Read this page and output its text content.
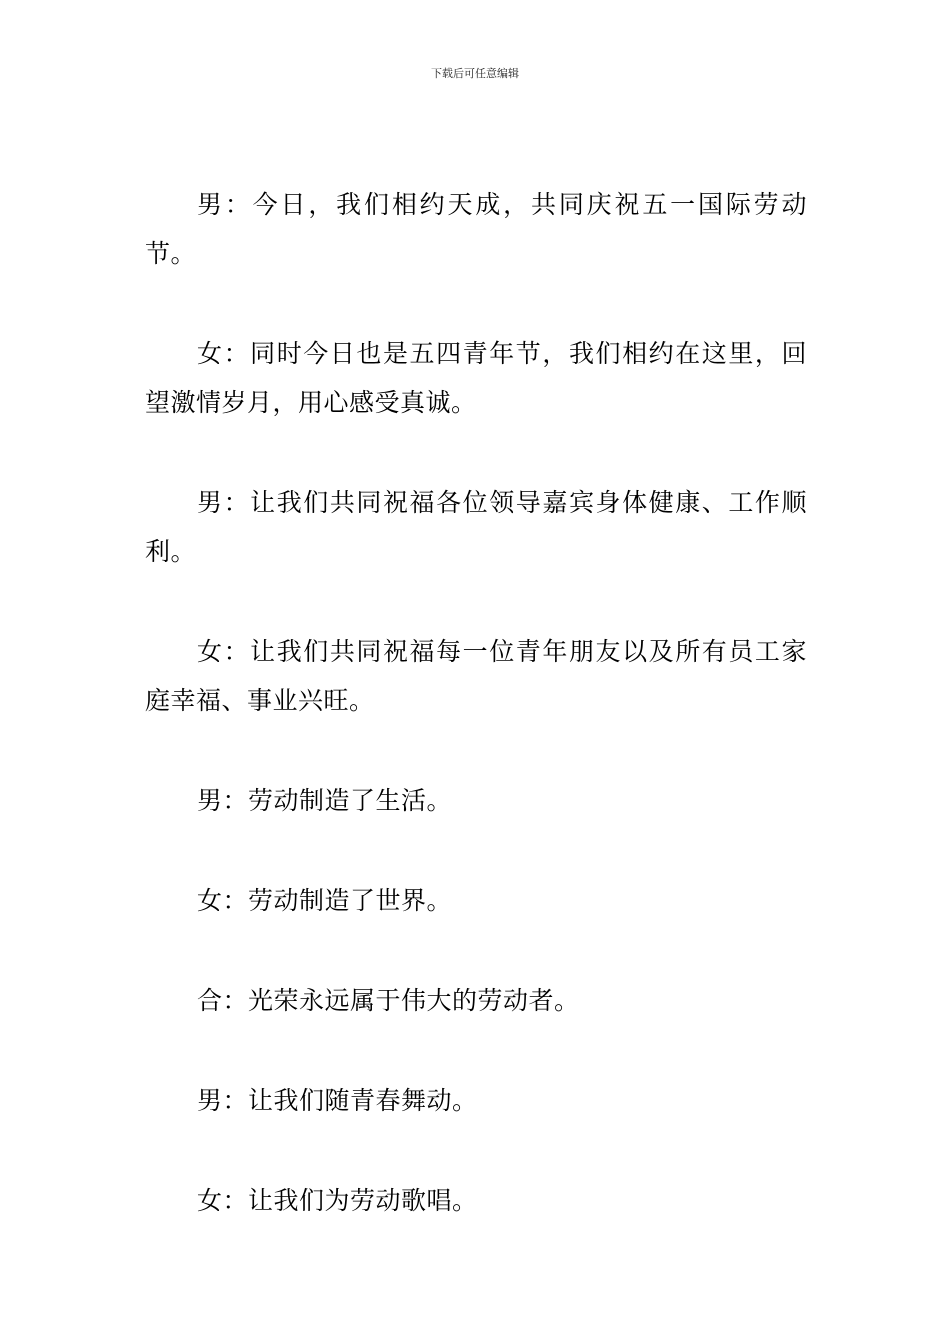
下载后可任意编辑

男：今日，我们相约天成，共同庆祝五一国际劳动节。

女：同时今日也是五四青年节，我们相约在这里，回望激情岁月，用心感受真诚。

男：让我们共同祝福各位领导嘉宾身体健康、工作顺利。

女：让我们共同祝福每一位青年朋友以及所有员工家庭幸福、事业兴旺。

男：劳动制造了生活。

女：劳动制造了世界。

合：光荣永远属于伟大的劳动者。

男：让我们随青春舞动。

女：让我们为劳动歌唱。
